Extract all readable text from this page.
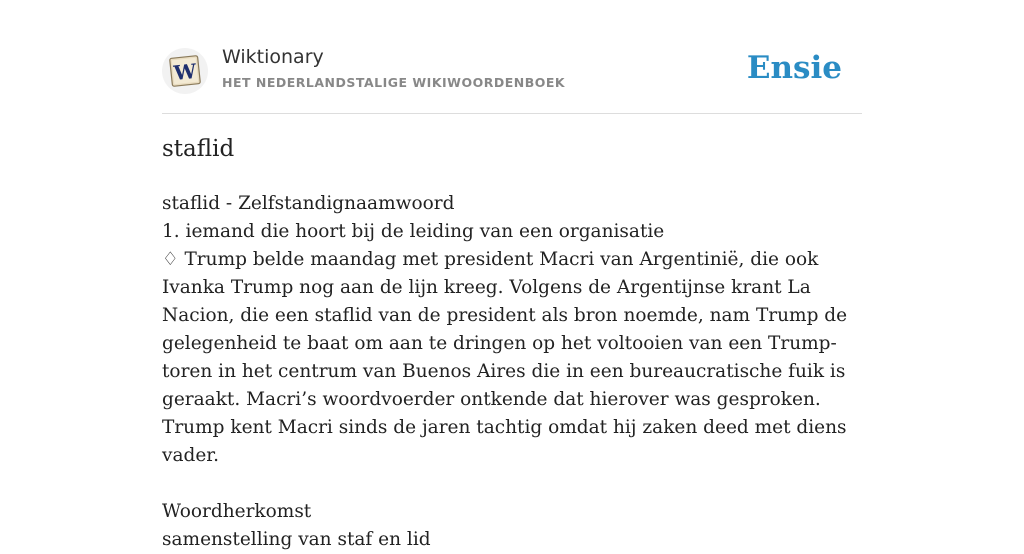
W
Wiktionary
HET NEDERLANDSTALIGE WIKIWOORDENBOEK	Ensie
staflid
staflid - Zelfstandignaamwoord
1. iemand die hoort bij de leiding van een organisatie
♢ Trump belde maandag met president Macri van Argentinië, die ook Ivanka Trump nog aan de lijn kreeg. Volgens de Argentijnse krant La Nacion, die een staflid van de president als bron noemde, nam Trump de gelegenheid te baat om aan te dringen op het voltooien van een Trump-toren in het centrum van Buenos Aires die in een bureaucratische fuik is geraakt. Macri’s woordvoerder ontkende dat hierover was gesproken. Trump kent Macri sinds de jaren tachtig omdat hij zaken deed met diens vader.
Woordherkomst
samenstelling van staf en lid
